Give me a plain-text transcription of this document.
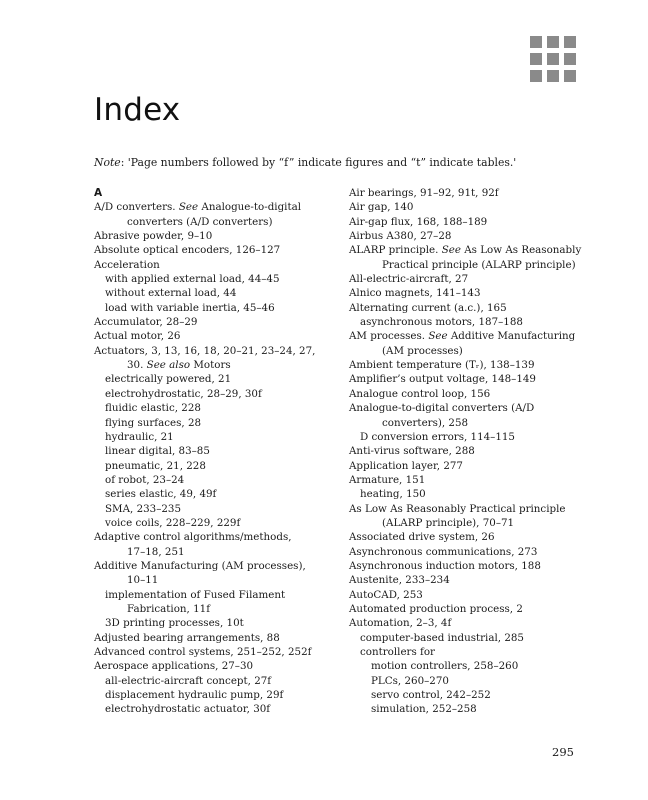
Index
Note: 'Page numbers followed by “f” indicate figures and “t” indicate tables.'
A
A/D converters. See Analogue-to-digital
converters (A/D converters)
Abrasive powder, 9–10
Absolute optical encoders, 126–127
Acceleration
with applied external load, 44–45
without external load, 44
load with variable inertia, 45–46
Accumulator, 28–29
Actual motor, 26
Actuators, 3, 13, 16, 18, 20–21, 23–24, 27,
30. See also Motors
electrically powered, 21
electrohydrostatic, 28–29, 30f
fluidic elastic, 228
flying surfaces, 28
hydraulic, 21
linear digital, 83–85
pneumatic, 21, 228
of robot, 23–24
series elastic, 49, 49f
SMA, 233–235
voice coils, 228–229, 229f
Adaptive control algorithms/methods,
17–18, 251
Additive Manufacturing (AM processes),
10–11
implementation of Fused Filament
Fabrication, 11f
3D printing processes, 10t
Adjusted bearing arrangements, 88
Advanced control systems, 251–252, 252f
Aerospace applications, 27–30
all-electric-aircraft concept, 27f
displacement hydraulic pump, 29f
electrohydrostatic actuator, 30f
Air bearings, 91–92, 91t, 92f
Air gap, 140
Air-gap flux, 168, 188–189
Airbus A380, 27–28
ALARP principle. See As Low As Reasonably
Practical principle (ALARP principle)
All-electric-aircraft, 27
Alnico magnets, 141–143
Alternating current (a.c.), 165
asynchronous motors, 187–188
AM processes. See Additive Manufacturing
(AM processes)
Ambient temperature (Tᵣ), 138–139
Amplifier’s output voltage, 148–149
Analogue control loop, 156
Analogue-to-digital converters (A/D
converters), 258
D conversion errors, 114–115
Anti-virus software, 288
Application layer, 277
Armature, 151
heating, 150
As Low As Reasonably Practical principle
(ALARP principle), 70–71
Associated drive system, 26
Asynchronous communications, 273
Asynchronous induction motors, 188
Austenite, 233–234
AutoCAD, 253
Automated production process, 2
Automation, 2–3, 4f
computer-based industrial, 285
controllers for
motion controllers, 258–260
PLCs, 260–270
servo control, 242–252
simulation, 252–258
295
